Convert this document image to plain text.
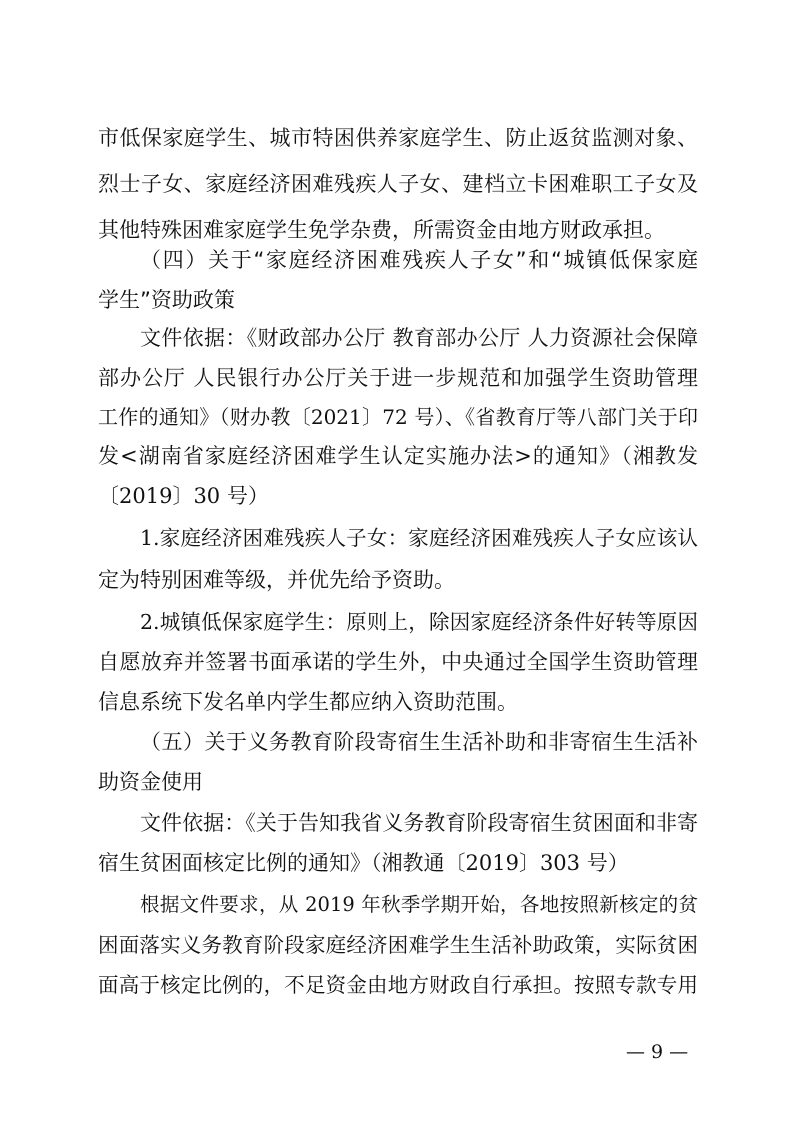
市低保家庭学生、城市特困供养家庭学生、防止返贫监测对象、
烈士子女、家庭经济困难残疾人子女、建档立卡困难职工子女及
其他特殊困难家庭学生免学杂费，所需资金由地方财政承担。
（四）关于“家庭经济困难残疾人子女”和“城镇低保家庭
学生”资助政策
文件依据：《财政部办公厅 教育部办公厅 人力资源社会保障
部办公厅 人民银行办公厅关于进一步规范和加强学生资助管理
工作的通知》（财办教〔2021〕72 号）、《省教育厅等八部门关于印
发<湖南省家庭经济困难学生认定实施办法>的通知》（湘教发
〔2019〕30 号）
1.家庭经济困难残疾人子女：家庭经济困难残疾人子女应该认
定为特别困难等级，并优先给予资助。
2.城镇低保家庭学生：原则上，除因家庭经济条件好转等原因
自愿放弃并签署书面承诺的学生外，中央通过全国学生资助管理
信息系统下发名单内学生都应纳入资助范围。
（五）关于义务教育阶段寄宿生生活补助和非寄宿生生活补
助资金使用
文件依据：《关于告知我省义务教育阶段寄宿生贫困面和非寄
宿生贫困面核定比例的通知》（湘教通〔2019〕303 号）
根据文件要求，从 2019 年秋季学期开始，各地按照新核定的贫
困面落实义务教育阶段家庭经济困难学生生活补助政策，实际贫困
面高于核定比例的，不足资金由地方财政自行承担。按照专款专用
— 9 —
